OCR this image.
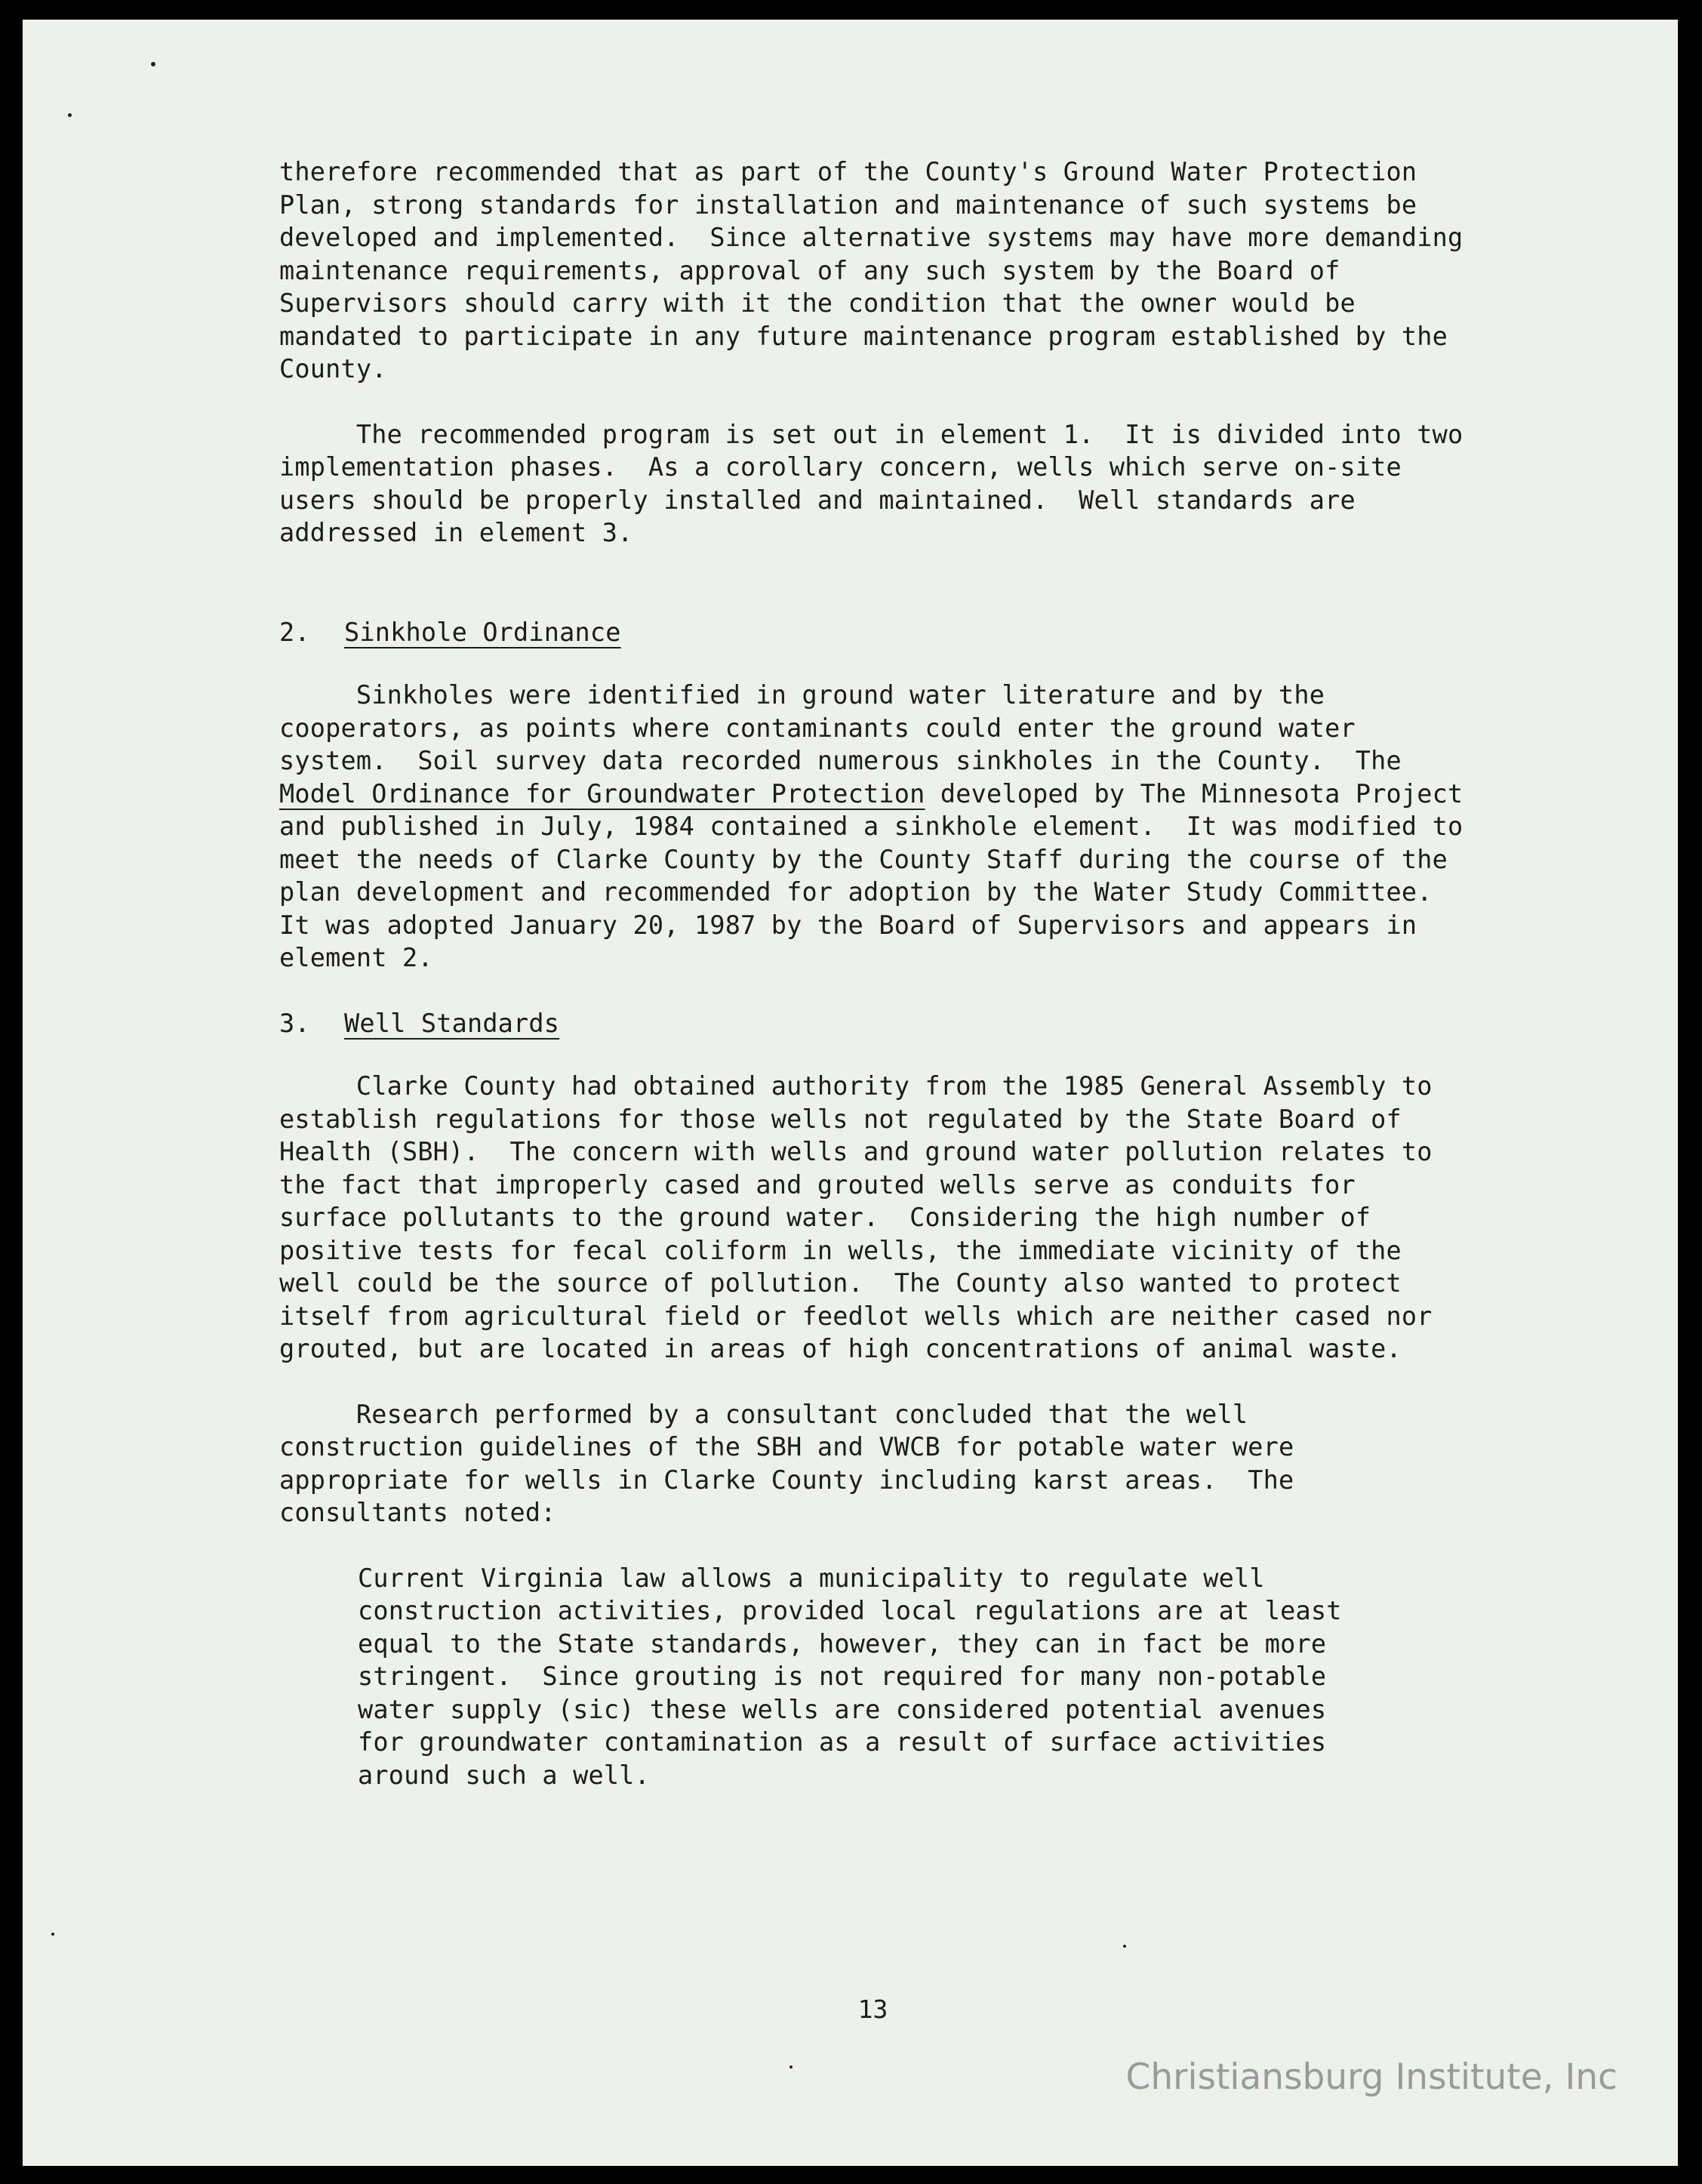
therefore recommended that as part of the County's Ground Water Protection Plan, strong standards for installation and maintenance of such systems be developed and implemented.  Since alternative systems may have more demanding maintenance requirements, approval of any such system by the Board of Supervisors should carry with it the condition that the owner would be mandated to participate in any future maintenance program established by the County.

The recommended program is set out in element 1.  It is divided into two implementation phases.  As a corollary concern, wells which serve on-site users should be properly installed and maintained.  Well standards are addressed in element 3.

2. Sinkhole Ordinance

Sinkholes were identified in ground water literature and by the cooperators, as points where contaminants could enter the ground water system.  Soil survey data recorded numerous sinkholes in the County.  The Model Ordinance for Groundwater Protection developed by The Minnesota Project and published in July, 1984 contained a sinkhole element.  It was modified to meet the needs of Clarke County by the County Staff during the course of the plan development and recommended for adoption by the Water Study Committee.  It was adopted January 20, 1987 by the Board of Supervisors and appears in element 2.

3. Well Standards

Clarke County had obtained authority from the 1985 General Assembly to establish regulations for those wells not regulated by the State Board of Health (SBH).  The concern with wells and ground water pollution relates to the fact that improperly cased and grouted wells serve as conduits for surface pollutants to the ground water.  Considering the high number of positive tests for fecal coliform in wells, the immediate vicinity of the well could be the source of pollution.  The County also wanted to protect itself from agricultural field or feedlot wells which are neither cased nor grouted, but are located in areas of high concentrations of animal waste.

Research performed by a consultant concluded that the well construction guidelines of the SBH and VWCB for potable water were appropriate for wells in Clarke County including karst areas.  The consultants noted:

Current Virginia law allows a municipality to regulate well construction activities, provided local regulations are at least equal to the State standards, however, they can in fact be more stringent.  Since grouting is not required for many non-potable water supply (sic) these wells are considered potential avenues for groundwater contamination as a result of surface activities around such a well.

13
Christiansburg Institute, Inc
